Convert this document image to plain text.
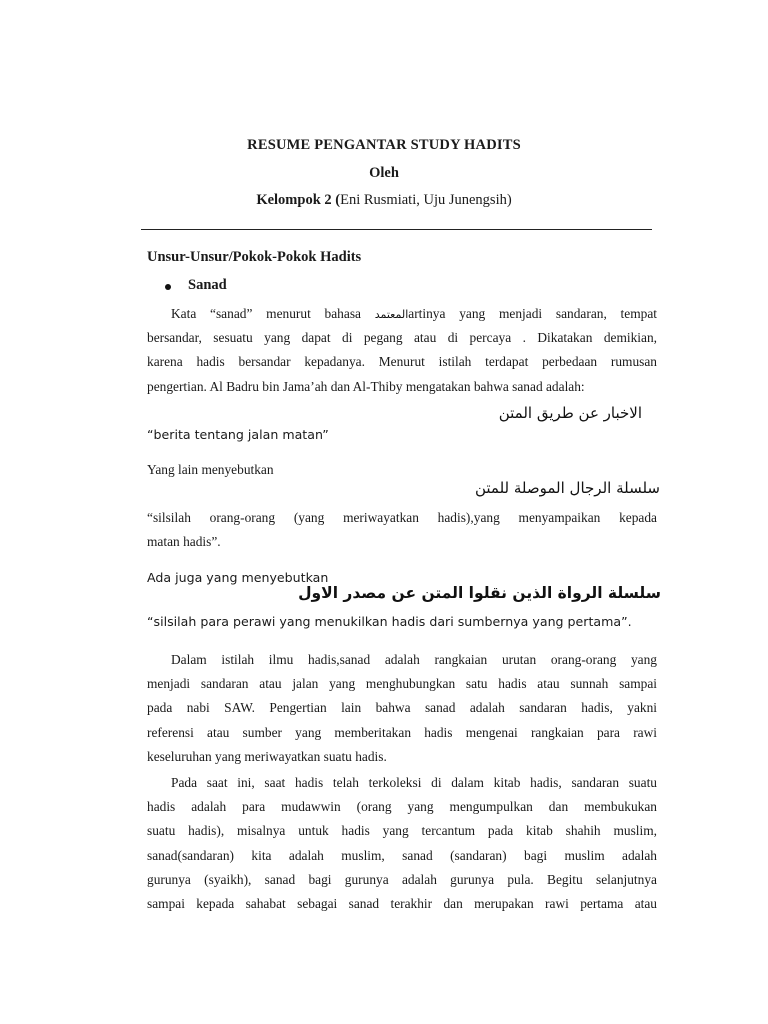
RESUME PENGANTAR STUDY HADITS
Oleh
Kelompok 2 (Eni Rusmiati, Uju Junengsih)
Unsur-Unsur/Pokok-Pokok Hadits
Sanad
Kata “sanad” menurut bahasa المعتمدartinya yang menjadi sandaran, tempat
bersandar, sesuatu yang dapat di pegang atau di percaya . Dikatakan demikian,
karena hadis bersandar kepadanya. Menurut istilah terdapat perbedaan rumusan
pengertian. Al Badru bin Jama’ah dan Al-Thiby mengatakan bahwa sanad adalah:
الاخبار عن طريق المتن
“berita tentang jalan matan”
Yang lain menyebutkan
سلسلة الرجال الموصلة للمتن
“silsilah orang-orang (yang meriwayatkan hadis),yang menyampaikan kepada
matan hadis”.
Ada juga yang menyebutkan
سلسلة الرواة الذين نقلوا المتن عن مصدر الاول
“silsilah para perawi yang menukilkan hadis dari sumbernya yang pertama”.
Dalam istilah ilmu hadis,sanad adalah rangkaian urutan orang-orang yang
menjadi sandaran atau jalan yang menghubungkan satu hadis atau sunnah sampai
pada nabi SAW. Pengertian lain bahwa sanad adalah sandaran hadis, yakni
referensi atau sumber yang memberitakan hadis mengenai rangkaian para rawi
keseluruhan yang meriwayatkan suatu hadis.
Pada saat ini, saat hadis telah terkoleksi di dalam kitab hadis, sandaran suatu
hadis adalah para mudawwin (orang yang mengumpulkan dan membukukan
suatu hadis), misalnya untuk hadis yang tercantum pada kitab shahih muslim,
sanad(sandaran) kita adalah muslim, sanad (sandaran) bagi muslim adalah
gurunya (syaikh), sanad bagi gurunya adalah gurunya pula. Begitu selanjutnya
sampai kepada sahabat sebagai sanad terakhir dan merupakan rawi pertama atau
